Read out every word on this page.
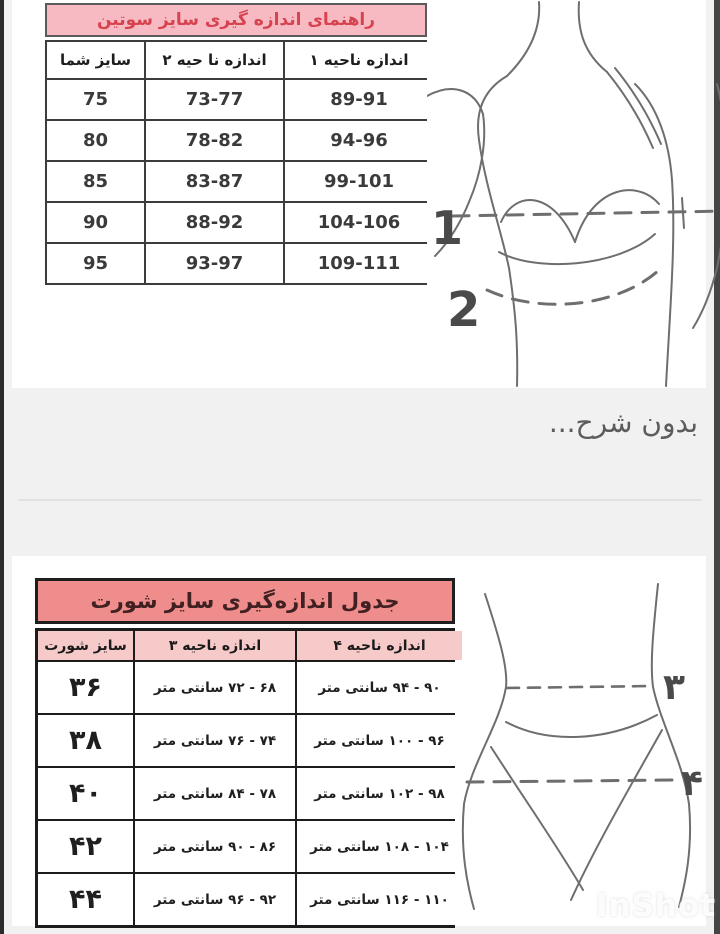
راهنمای اندازه گیری سایز سوتین
سایز شما	اندازه نا حیه ۲	اندازه ناحیه ۱
75	73-77	89-91
80	78-82	94-96
85	83-87	99-101
90	88-92	104-106
95	93-97	109-111
1
2
بدون شرح...
جدول اندازه‌گیری سایز شورت
سایز شورت	اندازه ناحیه ۳	اندازه ناحیه ۴
۳۶	۶۸ - ۷۲ سانتی متر	۹۰ - ۹۴ سانتی متر
۳۸	۷۴ - ۷۶ سانتی متر	۹۶ - ۱۰۰ سانتی متر
۴۰	۷۸ - ۸۴ سانتی متر	۹۸ - ۱۰۲ سانتی متر
۴۲	۸۶ - ۹۰ سانتی متر	۱۰۴ - ۱۰۸ سانتی متر
۴۴	۹۲ - ۹۶ سانتی متر	۱۱۰ - ۱۱۶ سانتی متر
۳
۴
InShot
